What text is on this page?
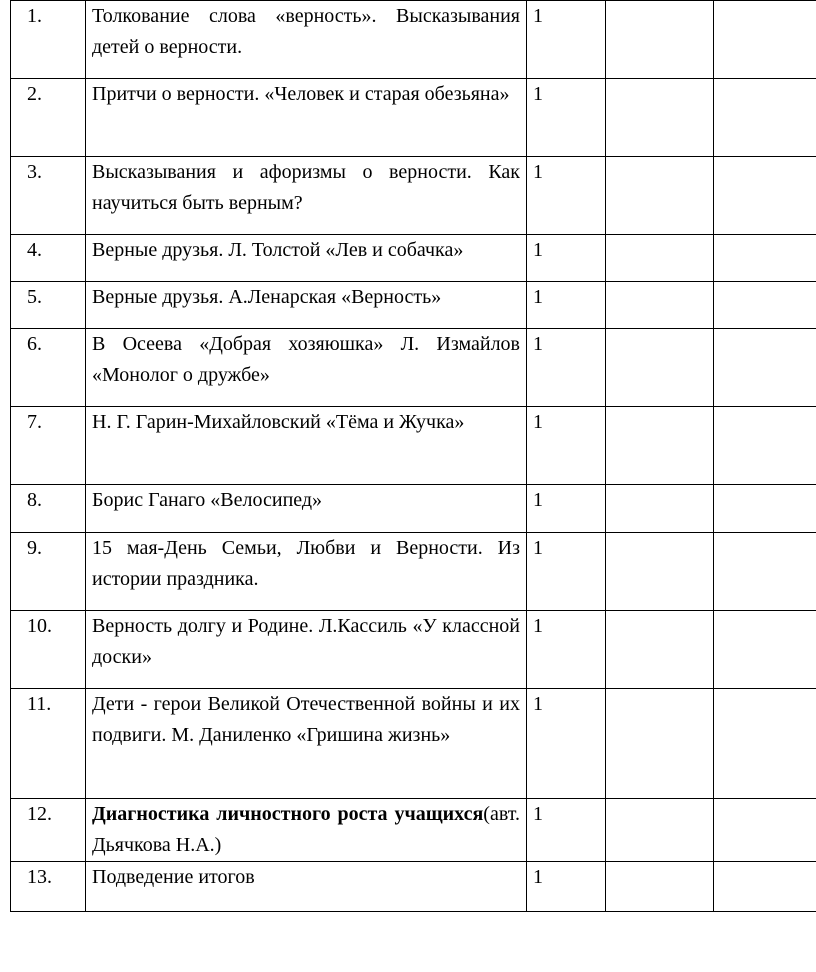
1.	Толкование слова «верность». Высказывания детей о верности.	1		
2.	Притчи о верности. «Человек и старая обезьяна»	1		
3.	Высказывания и афоризмы о верности. Как научиться быть верным?	1		
4.	Верные друзья. Л. Толстой «Лев и собачка»	1		
5.	Верные друзья. А.Ленарская «Верность»	1		
6.	В Осеева «Добрая хозяюшка» Л. Измайлов «Монолог о дружбе»	1		
7.	Н. Г. Гарин-Михайловский «Тёма и Жучка»	1		
8.	Борис Ганаго «Велосипед»	1		
9.	15 мая-День Семьи, Любви и Верности. Из истории праздника.	1		
10.	Верность долгу и Родине. Л.Кассиль «У классной доски»	1		
11.	Дети - герои Великой Отечественной войны и их подвиги. М. Даниленко «Гришина жизнь»	1		
12.	Диагностика личностного роста учащихся(авт. Дьячкова Н.А.)	1		
13.	Подведение итогов	1		
